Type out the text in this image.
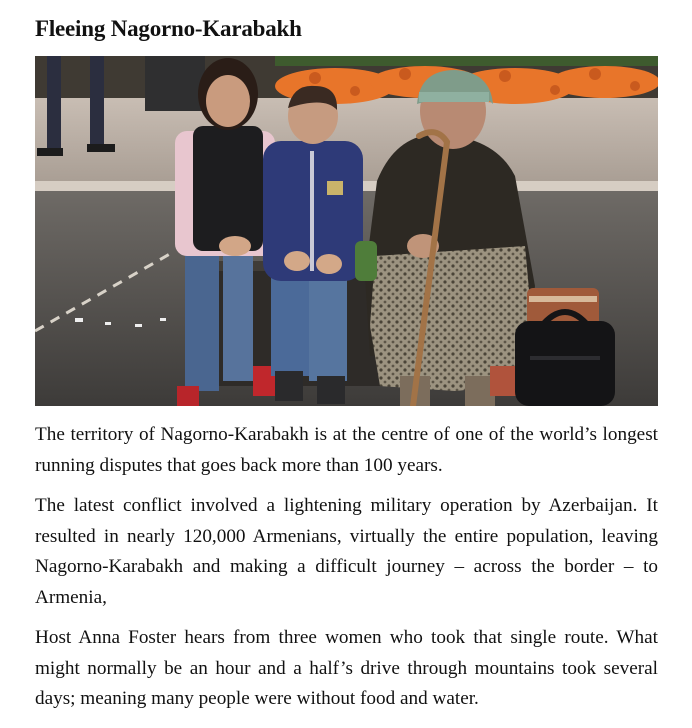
Fleeing Nagorno-Karabakh

The territory of Nagorno-Karabakh is at the centre of one of the world’s longest running disputes that goes back more than 100 years.

The latest conflict involved a lightening military operation by Azerbaijan. It resulted in nearly 120,000 Armenians, virtually the entire population, leaving Nagorno-Karabakh and making a difficult journey – across the border – to Armenia,

Host Anna Foster hears from three women who took that single route. What might normally be an hour and a half’s drive through mountains took several days; meaning many people were without food and water.
